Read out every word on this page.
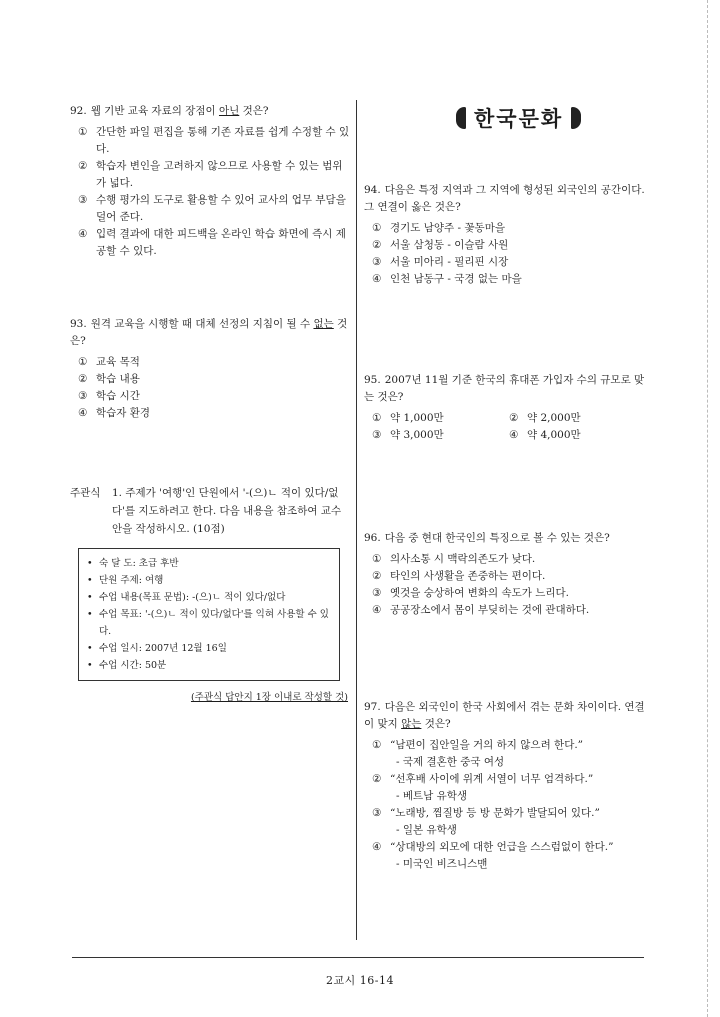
92. 웹 기반 교육 자료의 장점이 아닌 것은?

① 간단한 파일 편집을 통해 기존 자료를 쉽게 수정할 수 있다.
② 학습자 변인을 고려하지 않으므로 사용할 수 있는 범위가 넓다.
③ 수행 평가의 도구로 활용할 수 있어 교사의 업무 부담을 덜어 준다.
④ 입력 결과에 대한 피드백을 온라인 학습 화면에 즉시 제공할 수 있다.

93. 원격 교육을 시행할 때 대체 선정의 지침이 될 수 없는 것은?

① 교육 목적
② 학습 내용
③ 학습 시간
④ 학습자 환경
주관식	1. 주제가 '여행'인 단원에서 '-(으)ㄴ 적이 있다/없다'를 지도하려고 한다. 다음 내용을 참조하여 교수안을 작성하시오. (10점)
• 숙 달 도: 초급 후반
• 단원 주제: 여행
• 수업 내용(목표 문법): -(으)ㄴ 적이 있다/없다
• 수업 목표: '-(으)ㄴ 적이 있다/없다'를 익혀 사용할 수 있다.
• 수업 일시: 2007년 12월 16일
• 수업 시간: 50분
(주관식 답안지 1장 이내로 작성할 것)
한국문화

94. 다음은 특정 지역과 그 지역에 형성된 외국인의 공간이다. 그 연결이 옳은 것은?

① 경기도 남양주 - 꽃동마을
② 서울 삼청동 - 이슬람 사원
③ 서울 미아리 - 필리핀 시장
④ 인천 남동구 - 국경 없는 마을

95. 2007년 11월 기준 한국의 휴대폰 가입자 수의 규모로 맞는 것은?

① 약 1,000만	② 약 2,000만
③ 약 3,000만	④ 약 4,000만

96. 다음 중 현대 한국인의 특징으로 볼 수 있는 것은?

① 의사소통 시 맥락의존도가 낮다.
② 타인의 사생활을 존중하는 편이다.
③ 옛것을 숭상하여 변화의 속도가 느리다.
④ 공공장소에서 몸이 부딪히는 것에 관대하다.

97. 다음은 외국인이 한국 사회에서 겪는 문화 차이이다. 연결이 맞지 않는 것은?

① “남편이 집안일을 거의 하지 않으려 한다.”
- 국제 결혼한 중국 여성
② “선후배 사이에 위계 서열이 너무 엄격하다.”
- 베트남 유학생
③ “노래방, 찜질방 등 방 문화가 발달되어 있다.”
- 일본 유학생
④ “상대방의 외모에 대한 언급을 스스럼없이 한다.”
- 미국인 비즈니스맨
2교시 16-14
